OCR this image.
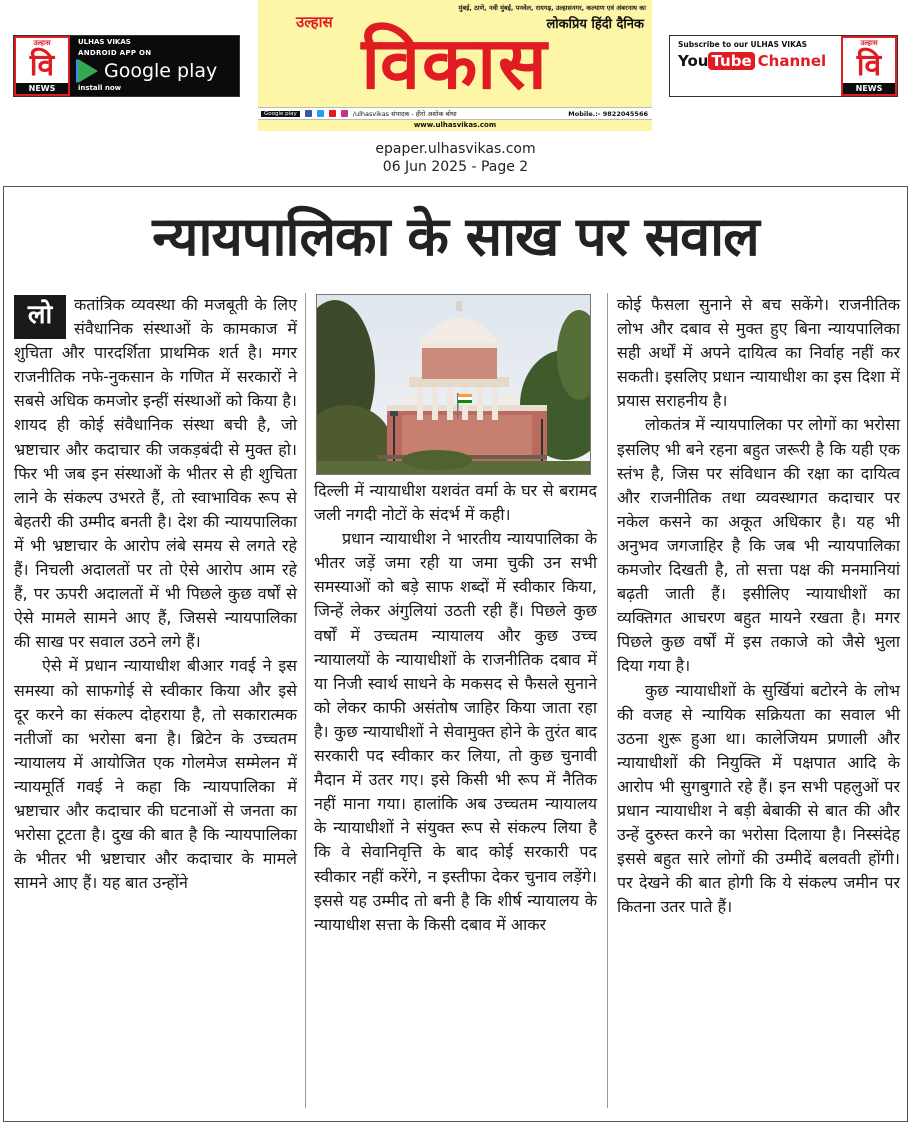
उल्हास
वि
NEWS
ULHAS VIKAS
ANDROID APP ON
Google play
install now
मुंबई, ठाणे, नवी मुंबई, पनवेल, रायगढ़, उल्हासनगर, कल्याण एवं अंबरनाथ का
लोकप्रिय हिंदी दैनिक
उल्हास विकास
Google play	/ulhasvikas संपादक - हीरो अशोक बोथा	Mobile.:- 9822045566
www.ulhasvikas.com
Subscribe to our ULHAS VIKAS
You Tube Channel
उल्हास
वि
NEWS
epaper.ulhasvikas.com
06 Jun 2025 - Page 2
न्यायपालिका के साख पर सवाल
लो	कतांत्रिक व्यवस्था की मजबूती के लिए संवैधानिक संस्थाओं के कामकाज में शुचिता और पारदर्शिता प्राथमिक शर्त है। मगर राजनीतिक नफे-नुकसान के गणित में सरकारों ने सबसे अधिक कमजोर इन्हीं संस्थाओं को किया है। शायद ही कोई संवैधानिक संस्था बची है, जो भ्रष्टाचार और कदाचार की जकड़बंदी से मुक्त हो। फिर भी जब इन संस्थाओं के भीतर से ही शुचिता लाने के संकल्प उभरते हैं, तो स्वाभाविक रूप से बेहतरी की उम्मीद बनती है। देश की न्यायपालिका में भी भ्रष्टाचार के आरोप लंबे समय से लगते रहे हैं। निचली अदालतों पर तो ऐसे आरोप आम रहे हैं, पर ऊपरी अदालतों में भी पिछले कुछ वर्षों से ऐसे मामले सामने आए हैं, जिससे न्यायपालिका की साख पर सवाल उठने लगे हैं।

ऐसे में प्रधान न्यायाधीश बीआर गवई ने इस समस्या को साफगोई से स्वीकार किया और इसे दूर करने का संकल्प दोहराया है, तो सकारात्मक नतीजों का भरोसा बना है। ब्रिटेन के उच्चतम न्यायालय में आयोजित एक गोलमेज सम्मेलन में न्यायमूर्ति गवई ने कहा कि न्यायपालिका में भ्रष्टाचार और कदाचार की घटनाओं से जनता का भरोसा टूटता है। दुख की बात है कि न्यायपालिका के भीतर भी भ्रष्टाचार और कदाचार के मामले सामने आए हैं। यह बात उन्होंने

दिल्ली में न्यायाधीश यशवंत वर्मा के घर से बरामद जली नगदी नोटों के संदर्भ में कही।

प्रधान न्यायाधीश ने भारतीय न्यायपालिका के भीतर जड़ें जमा रही या जमा चुकी उन सभी समस्याओं को बड़े साफ शब्दों में स्वीकार किया, जिन्हें लेकर अंगुलियां उठती रही हैं। पिछले कुछ वर्षों में उच्चतम न्यायालय और कुछ उच्च न्यायालयों के न्यायाधीशों के राजनीतिक दबाव में या निजी स्वार्थ साधने के मकसद से फैसले सुनाने को लेकर काफी असंतोष जाहिर किया जाता रहा है। कुछ न्यायाधीशों ने सेवामुक्त होने के तुरंत बाद सरकारी पद स्वीकार कर लिया, तो कुछ चुनावी मैदान में उतर गए। इसे किसी भी रूप में नैतिक नहीं माना गया। हालांकि अब उच्चतम न्यायालय के न्यायाधीशों ने संयुक्त रूप से संकल्प लिया है कि वे सेवानिवृत्ति के बाद कोई सरकारी पद स्वीकार नहीं करेंगे, न इस्तीफा देकर चुनाव लड़ेंगे। इससे यह उम्मीद तो बनी है कि शीर्ष न्यायालय के न्यायाधीश सत्ता के किसी दबाव में आकर

कोई फैसला सुनाने से बच सकेंगे। राजनीतिक लोभ और दबाव से मुक्त हुए बिना न्यायपालिका सही अर्थों में अपने दायित्व का निर्वाह नहीं कर सकती। इसलिए प्रधान न्यायाधीश का इस दिशा में प्रयास सराहनीय है।

लोकतंत्र में न्यायपालिका पर लोगों का भरोसा इसलिए भी बने रहना बहुत जरूरी है कि यही एक स्तंभ है, जिस पर संविधान की रक्षा का दायित्व और राजनीतिक तथा व्यवस्थागत कदाचार पर नकेल कसने का अकूत अधिकार है। यह भी अनुभव जगजाहिर है कि जब भी न्यायपालिका कमजोर दिखती है, तो सत्ता पक्ष की मनमानियां बढ़ती जाती हैं। इसीलिए न्यायाधीशों का व्यक्तिगत आचरण बहुत मायने रखता है। मगर पिछले कुछ वर्षों में इस तकाजे को जैसे भुला दिया गया है।

कुछ न्यायाधीशों के सुर्खियां बटोरने के लोभ की वजह से न्यायिक सक्रियता का सवाल भी उठना शुरू हुआ था। कालेजियम प्रणाली और न्यायाधीशों की नियुक्ति में पक्षपात आदि के आरोप भी सुगबुगाते रहे हैं। इन सभी पहलुओं पर प्रधान न्यायाधीश ने बड़ी बेबाकी से बात की और उन्हें दुरुस्त करने का भरोसा दिलाया है। निस्संदेह इससे बहुत सारे लोगों की उम्मीदें बलवती होंगी। पर देखने की बात होगी कि ये संकल्प जमीन पर कितना उतर पाते हैं।
